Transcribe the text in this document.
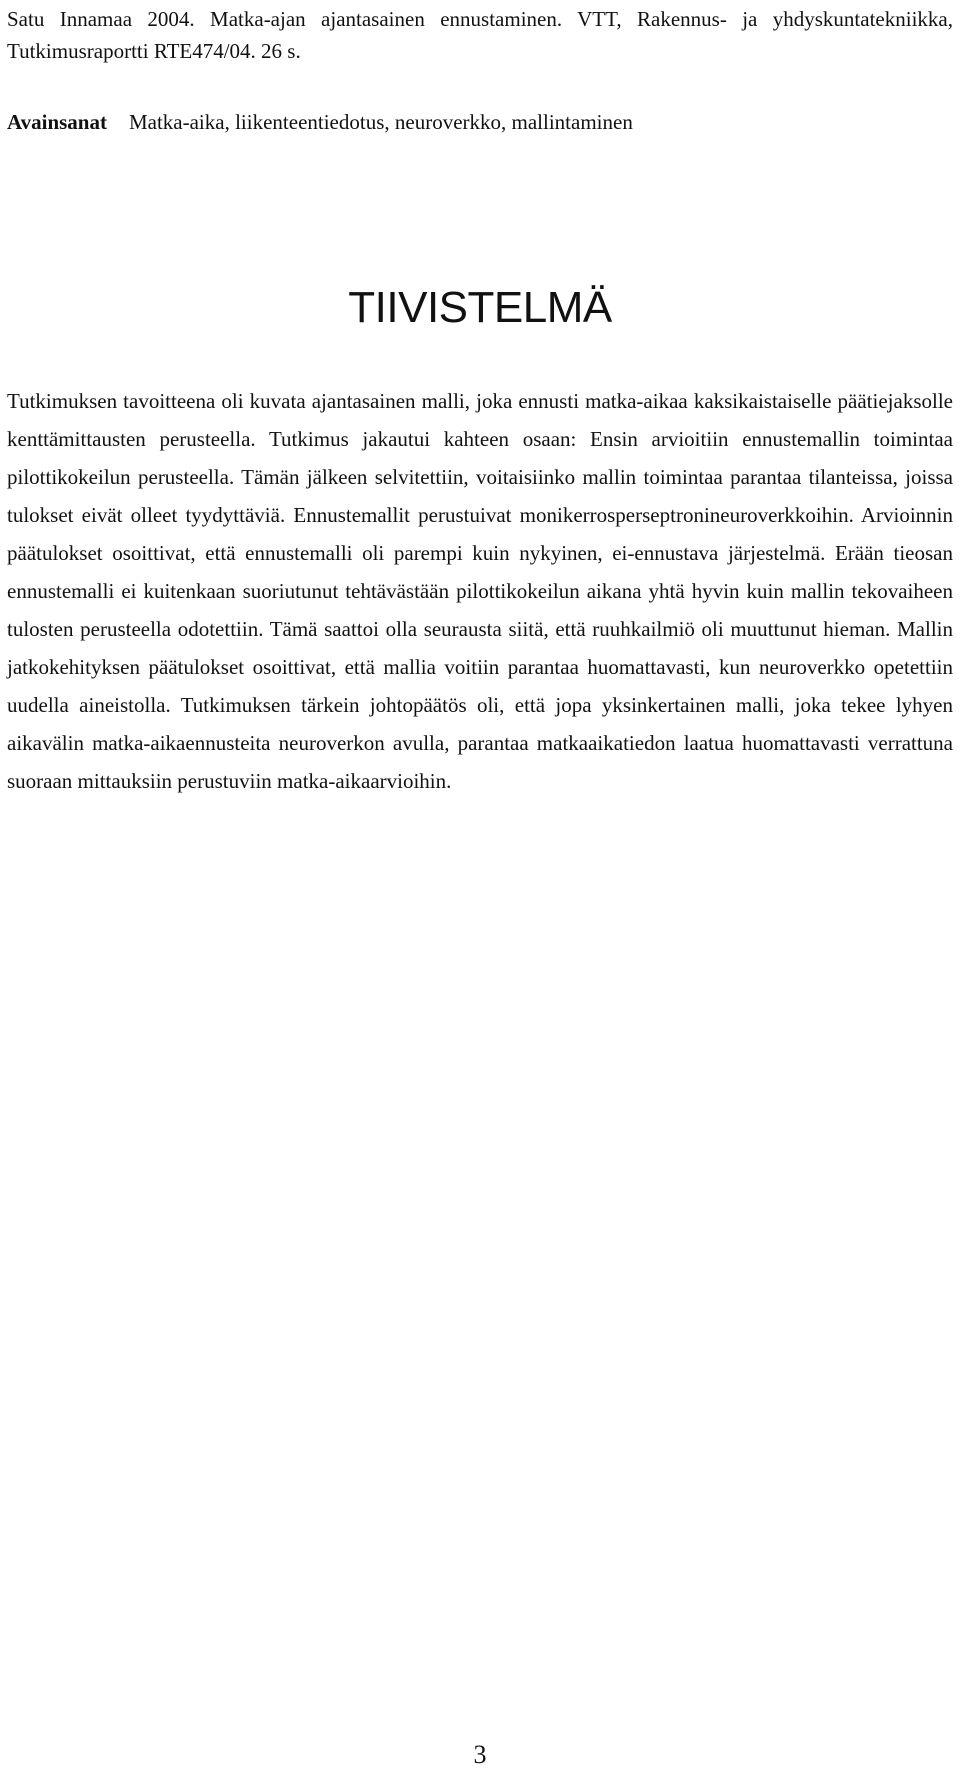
Satu Innamaa 2004. Matka-ajan ajantasainen ennustaminen. VTT, Rakennus- ja yhdyskuntatekniikka, Tutkimusraportti RTE474/04. 26 s.

Avainsanat Matka-aika, liikenteentiedotus, neuroverkko, mallintaminen

TIIVISTELMÄ

Tutkimuksen tavoitteena oli kuvata ajantasainen malli, joka ennusti matka-aikaa kaksikaistaiselle päätiejaksolle kenttämittausten perusteella. Tutkimus jakautui kahteen osaan: Ensin arvioitiin ennustemallin toimintaa pilottikokeilun perusteella. Tämän jälkeen selvitettiin, voitaisiinko mallin toimintaa parantaa tilanteissa, joissa tulokset eivät olleet tyydyttäviä. Ennustemallit perustuivat monikerrosperseptronineuroverkkoihin. Arvioinnin päätulokset osoittivat, että ennustemalli oli parempi kuin nykyinen, ei-ennustava järjestelmä. Erään tieosan ennustemalli ei kuitenkaan suoriutunut tehtävästään pilottikokeilun aikana yhtä hyvin kuin mallin tekovaiheen tulosten perusteella odotettiin. Tämä saattoi olla seurausta siitä, että ruuhkailmiö oli muuttunut hieman. Mallin jatkokehityksen päätulokset osoittivat, että mallia voitiin parantaa huomattavasti, kun neuroverkko opetettiin uudella aineistolla. Tutkimuksen tärkein johtopäätös oli, että jopa yksinkertainen malli, joka tekee lyhyen aikavälin matka-aikaennusteita neuroverkon avulla, parantaa matkaaikatiedon laatua huomattavasti verrattuna suoraan mittauksiin perustuviin matka-aikaarvioihin.

3
